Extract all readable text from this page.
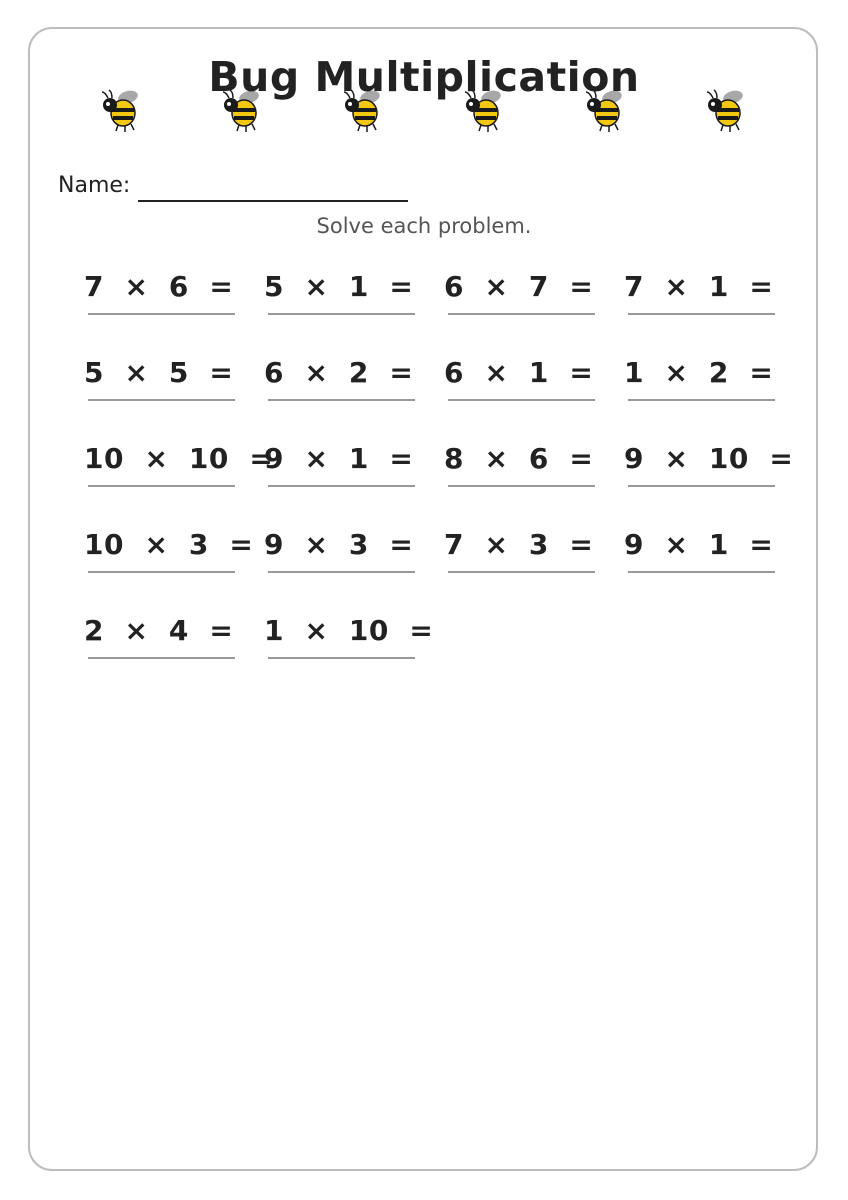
Bug Multiplication
Name:
Solve each problem.
7  ×  6  = 5  ×  1  = 6  ×  7  = 7  ×  1  =
5  ×  5  = 6  ×  2  = 6  ×  1  = 1  ×  2  =
10  ×  10  =
9  ×  1  = 8  ×  6  = 9  ×  10  =
10  ×  3  = 9  ×  3  = 7  ×  3  = 9  ×  1  =
2  ×  4  = 1  ×  10  =
